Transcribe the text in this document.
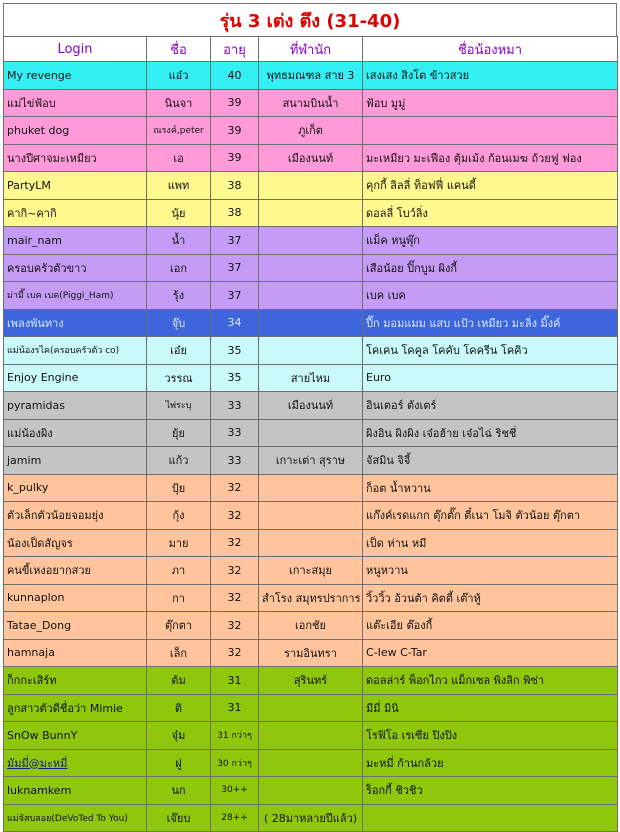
รุ่น 3 เต่ง ตึง (31-40)
Login	ชื่อ	อายุ	ที่พำนัก	ชื่อน้องหมา
My revenge	แอ๋ว	40	พุทธมณฑล สาย 3	เสงเสง สิงโต ข้าวสวย
แม่ไข่ฟ้อบ	นินจา	39	สนามบินน้ำ	ฟ้อบ มูมู่
phuket dog	ณรงค์,peter	39	ภูเก็ต	
นางปีศาจมะเหมียว	เอ	39	เมืองนนท์	มะเหมียว มะเฟือง ตุ้มเม้ง ก้อนเมฆ ถ้วยฟู ฟอง
PartyLM	แพท	38		คุกกี้ ลิลลี่ ท็อฟฟี่ แคนดี้
คากิ~คากิ	นุ้ย	38		ดอลลี่ โบว์ลิ่ง
mair_nam	น้ำ	37		แม็ค หนูพุ๊ก
ครอบครัวตัวขาว	เอก	37		เสือน้อย ปิ๊กบูม ผิงกี้
ม่ามี๊ เบค เบค(Piggi_Ham)	รุ้ง	37		เบค เบค
เพลงพันทาง	จุ๊บ	34		ปี๊ก มอมแมม แสบ แป้ว เหมียว มะลิ่ง มิ๊งค์
แม่น้องรไค(ครอบครัวตัว co)	เอ๋ย	35		โคเคน โคคูล โคคับ โคครีน โคคิว
Enjoy Engine	วรรณ	35	สายไหม	Euro
pyramidas	ไพ่ระบุ	33	เมืองนนท์	อินเตอร์ ตังเตร์
แม่น้องผิง	ยุ้ย	33		ผิงอิน ผิงผิง เจ๋อฮ้าย เจ๋อไฉ่ ริชชี่
jamim	แก้ว	33	เกาะเต่า สุราษ	จัสมิน จิจี้
k_pulky	ปุ้ย	32		ก็อต น้ำหวาน
ตัวเล็กตัวน้อยจอมยุ่ง	กุ้ง	32		แก๊งค์เรดแกก ตุ๊กตั๊ก ตี๋เนา โมจิ ตัวน้อย ตุ๊กตา
น้องเป็ดสัญจร	มาย	32		เป็ด ห่าน หมี
คนขี้เหงอยากสวย	ภา	32	เกาะสมุย	หนูหวาน
kunnaplon	กา	32	สำโรง สมุทรปราการ	วิ้ววิ้ว อ้วนต้า คิตตี้ เต๊าหู้
Tatae_Dong	ตุ๊กตา	32	เอกชัย	แต๊ะเอีย ต๊องกี้
hamnaja	เล็ก	32	รามอินทรา	C-Iew C-Tar
ก็กกะเสิร์ท	ต้ม	31	สุรินทร์	ดอลล่าร์ พ็อกไกว แม็กเซล พิงลิก พิซ่า
ลูกสาวตัวดีชื่อว่า Mimie	ติ	31		มีมี่ มินิ
SnOw BunnY	จุ๋ม	31 กว่าๆ		โรฟิโอ เรเซีย ปิงปิง
มัมมี่@มะหมี่	ฝู	30 กว่าๆ		มะหมี่ ก้านกล้วย
luknamkem	นก	30++		ร็อกกี้ ชิวชิว
แม่จัสบลอย(DeVoTed To You)	เจ๊ยบ	28++	( 28มาหลายปีแล้ว)	
